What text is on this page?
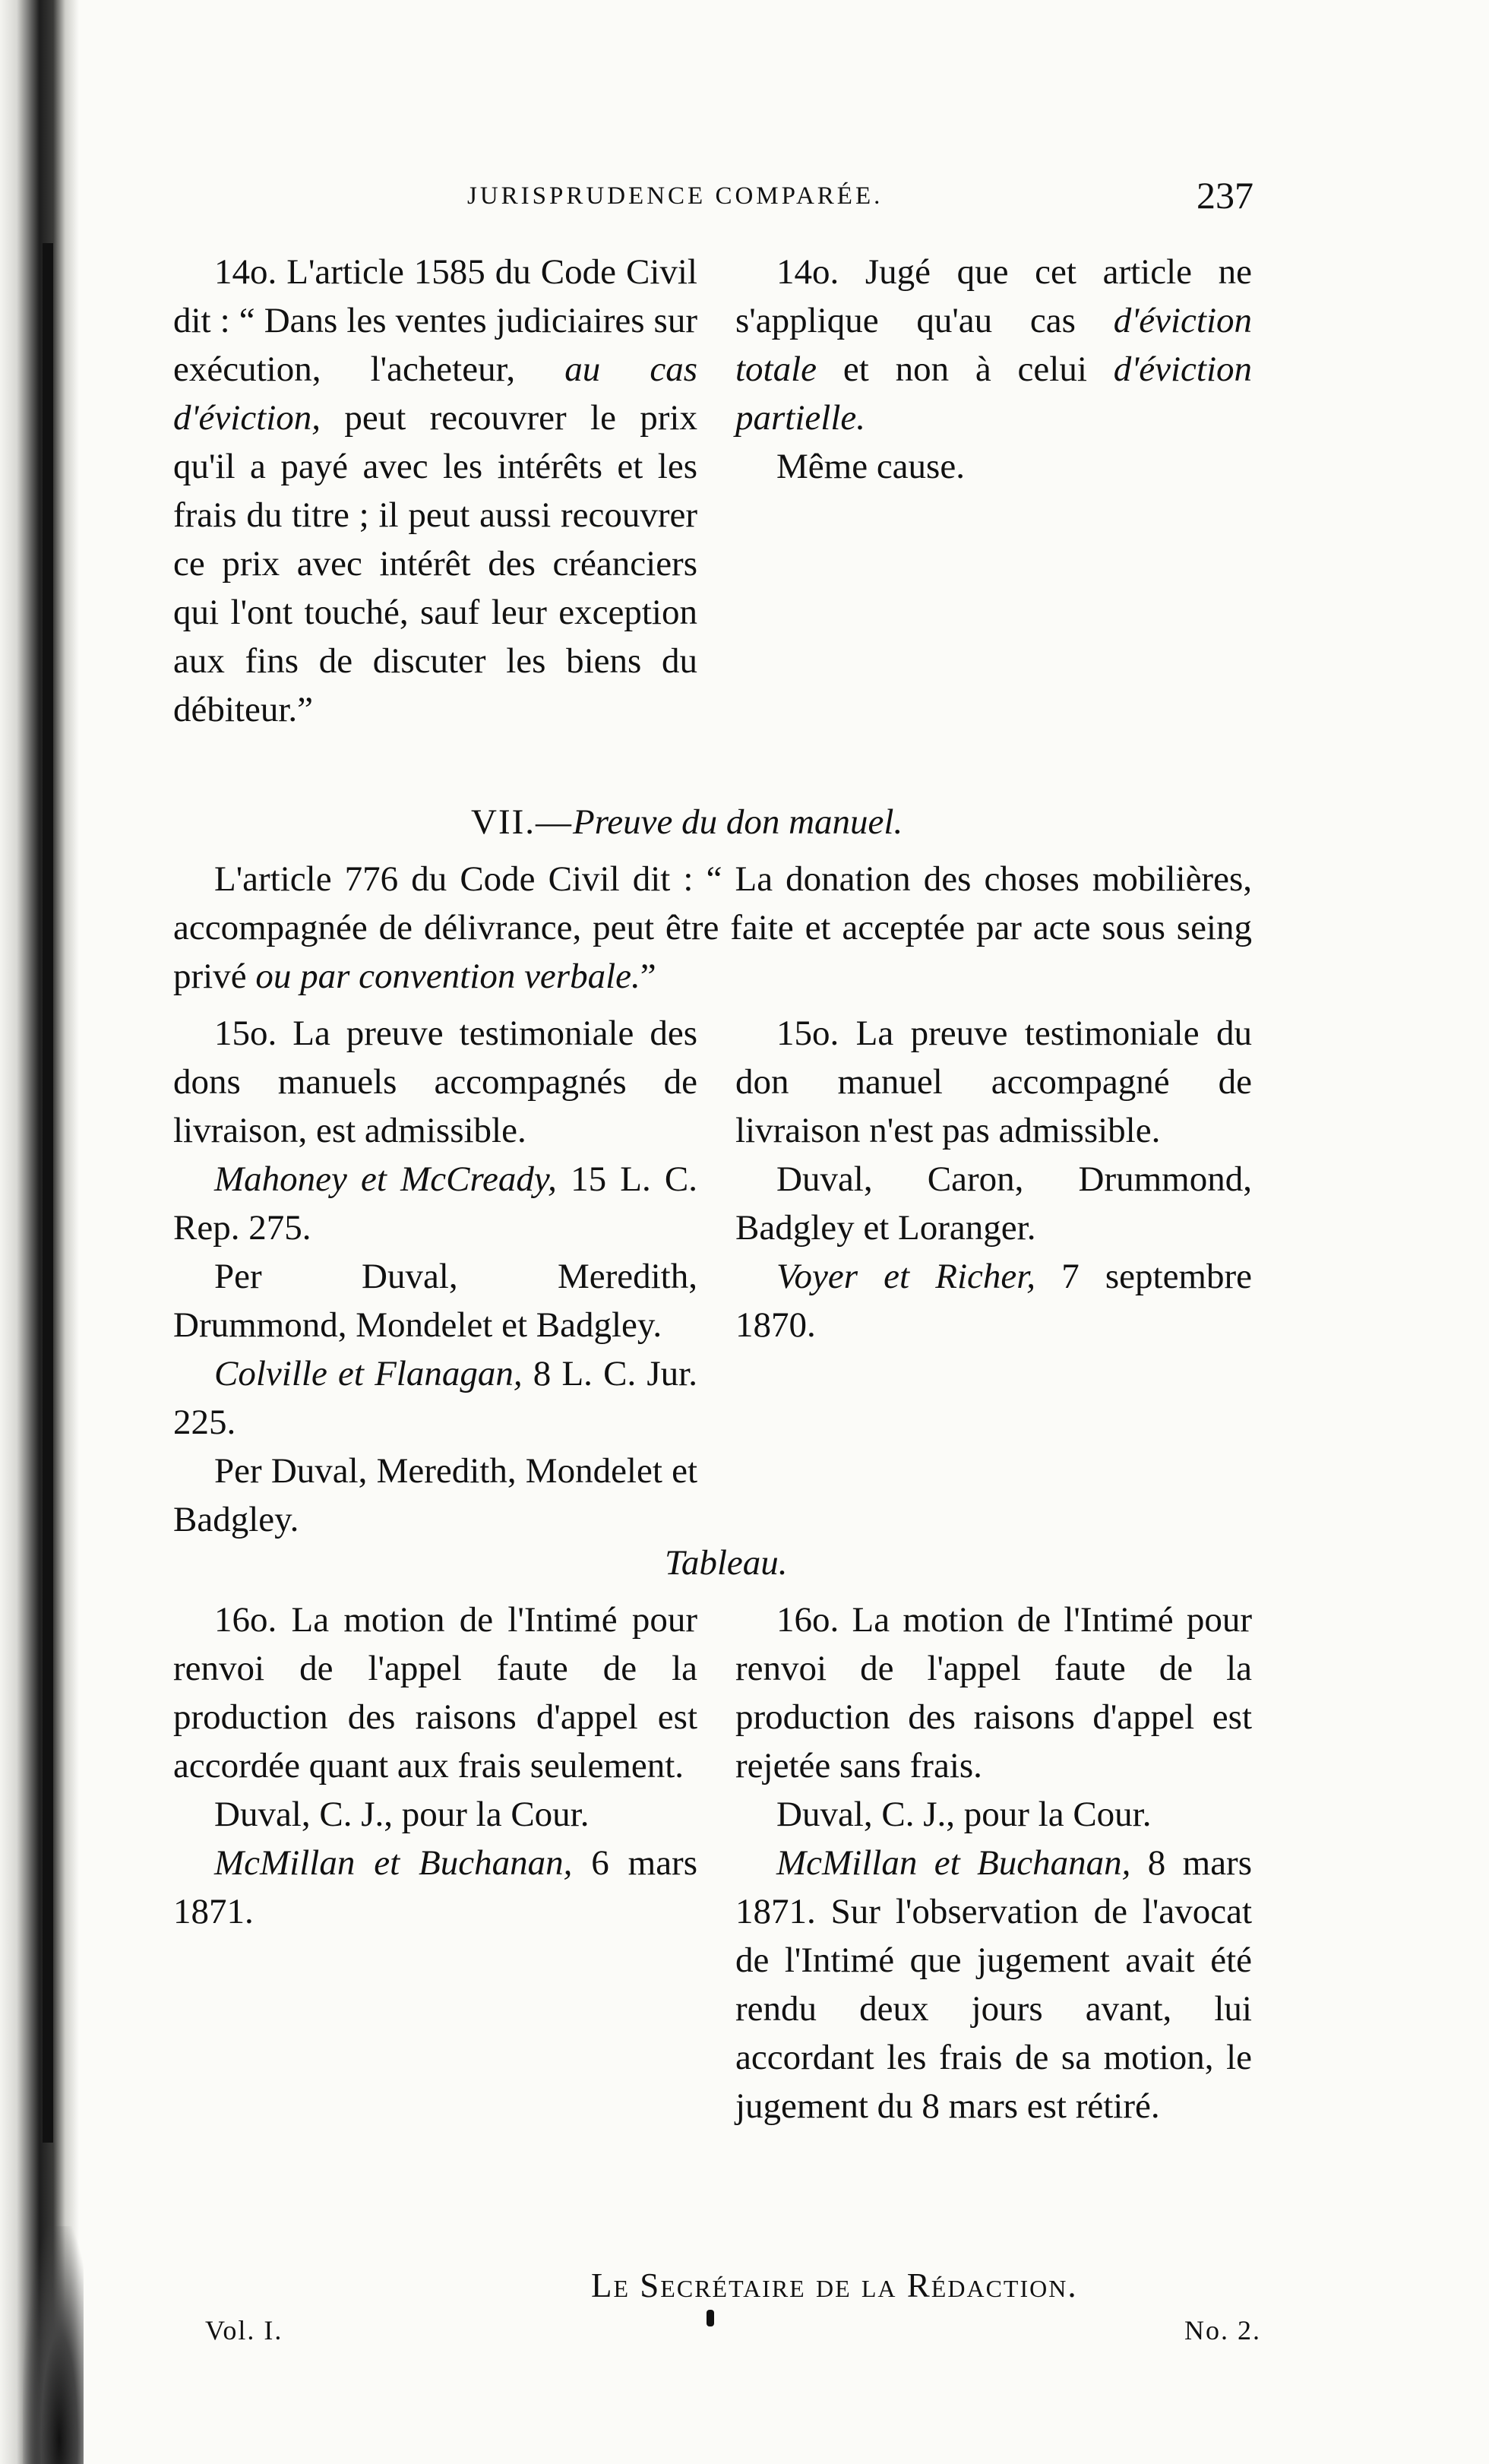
JURISPRUDENCE COMPARÉE.	237

14o. L'article 1585 du Code Civil dit : “ Dans les ventes judiciaires sur exécution, l'acheteur, au cas d'éviction, peut recouvrer le prix qu'il a payé avec les intérêts et les frais du titre ; il peut aussi recouvrer ce prix avec intérêt des créanciers qui l'ont touché, sauf leur exception aux fins de discuter les biens du débiteur.”

14o. Jugé que cet article ne s'applique qu'au cas d'éviction totale et non à celui d'éviction partielle.

Même cause.

VII.—Preuve du don manuel.

L'article 776 du Code Civil dit : “ La donation des choses mobilières, accompagnée de délivrance, peut être faite et acceptée par acte sous seing privé ou par convention verbale.”

15o. La preuve testimoniale des dons manuels accompagnés de livraison, est admissible.

Mahoney et McCready, 15 L. C. Rep. 275.

Per Duval, Meredith, Drummond, Mondelet et Badgley.

Colville et Flanagan, 8 L. C. Jur. 225.

Per Duval, Meredith, Mondelet et Badgley.

15o. La preuve testimoniale du don manuel accompagné de livraison n'est pas admissible.

Duval, Caron, Drummond, Badgley et Loranger.

Voyer et Richer, 7 septembre 1870.

Tableau.

16o. La motion de l'Intimé pour renvoi de l'appel faute de la production des raisons d'appel est accordée quant aux frais seulement.

Duval, C. J., pour la Cour.

McMillan et Buchanan, 6 mars 1871.

16o. La motion de l'Intimé pour renvoi de l'appel faute de la production des raisons d'appel est rejetée sans frais.

Duval, C. J., pour la Cour.

McMillan et Buchanan, 8 mars 1871. Sur l'observation de l'avocat de l'Intimé que jugement avait été rendu deux jours avant, lui accordant les frais de sa motion, le jugement du 8 mars est rétiré.

Le Secrétaire de la Rédaction.
Vol. I.	No. 2.
